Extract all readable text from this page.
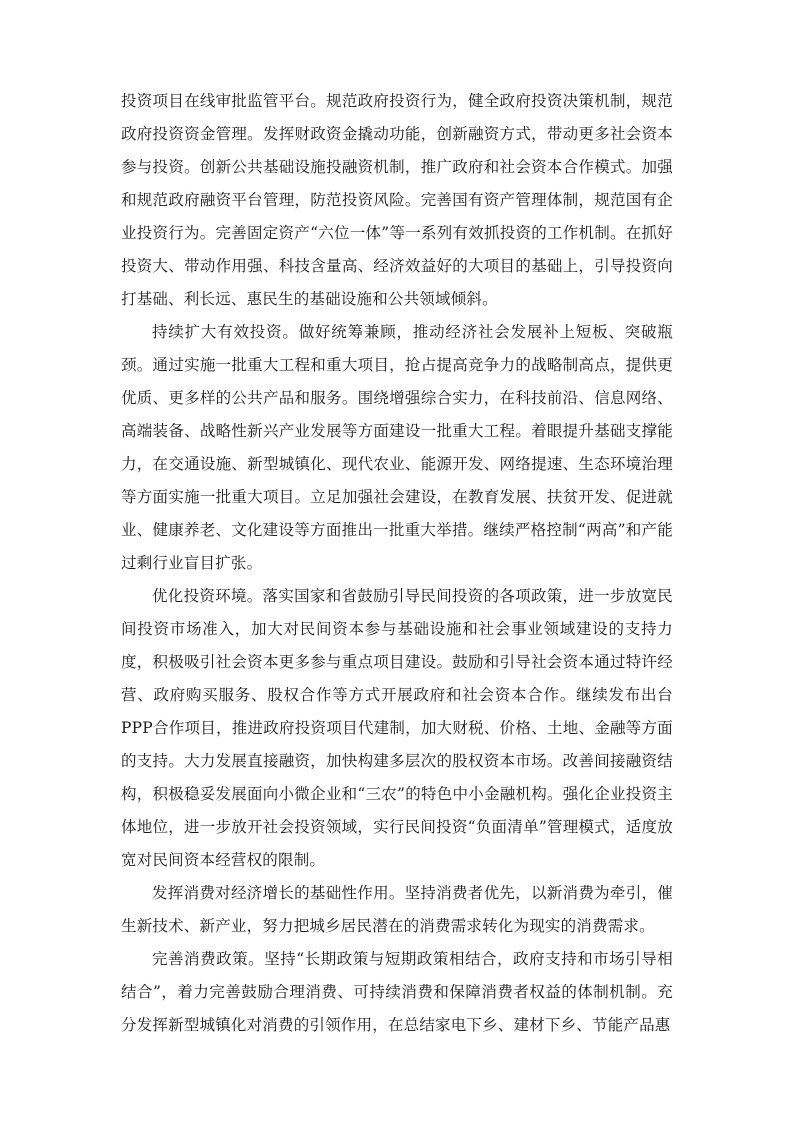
投资项目在线审批监管平台。规范政府投资行为，健全政府投资决策机制，规范政府投资资金管理。发挥财政资金撬动功能，创新融资方式，带动更多社会资本参与投资。创新公共基础设施投融资机制，推广政府和社会资本合作模式。加强和规范政府融资平台管理，防范投资风险。完善国有资产管理体制，规范国有企业投资行为。完善固定资产“六位一体”等一系列有效抓投资的工作机制。在抓好投资大、带动作用强、科技含量高、经济效益好的大项目的基础上，引导投资向打基础、利长远、惠民生的基础设施和公共领域倾斜。

持续扩大有效投资。做好统筹兼顾，推动经济社会发展补上短板、突破瓶颈。通过实施一批重大工程和重大项目，抢占提高竞争力的战略制高点，提供更优质、更多样的公共产品和服务。围绕增强综合实力，在科技前沿、信息网络、高端装备、战略性新兴产业发展等方面建设一批重大工程。着眼提升基础支撑能力，在交通设施、新型城镇化、现代农业、能源开发、网络提速、生态环境治理等方面实施一批重大项目。立足加强社会建设，在教育发展、扶贫开发、促进就业、健康养老、文化建设等方面推出一批重大举措。继续严格控制“两高”和产能过剩行业盲目扩张。

优化投资环境。落实国家和省鼓励引导民间投资的各项政策，进一步放宽民间投资市场准入，加大对民间资本参与基础设施和社会事业领域建设的支持力度，积极吸引社会资本更多参与重点项目建设。鼓励和引导社会资本通过特许经营、政府购买服务、股权合作等方式开展政府和社会资本合作。继续发布出台PPP合作项目，推进政府投资项目代建制，加大财税、价格、土地、金融等方面的支持。大力发展直接融资，加快构建多层次的股权资本市场。改善间接融资结构，积极稳妥发展面向小微企业和“三农”的特色中小金融机构。强化企业投资主体地位，进一步放开社会投资领域，实行民间投资“负面清单”管理模式，适度放宽对民间资本经营权的限制。

发挥消费对经济增长的基础性作用。坚持消费者优先，以新消费为牵引，催生新技术、新产业，努力把城乡居民潜在的消费需求转化为现实的消费需求。

完善消费政策。坚持“长期政策与短期政策相结合，政府支持和市场引导相结合”，着力完善鼓励合理消费、可持续消费和保障消费者权益的体制机制。充分发挥新型城镇化对消费的引领作用，在总结家电下乡、建材下乡、节能产品惠
